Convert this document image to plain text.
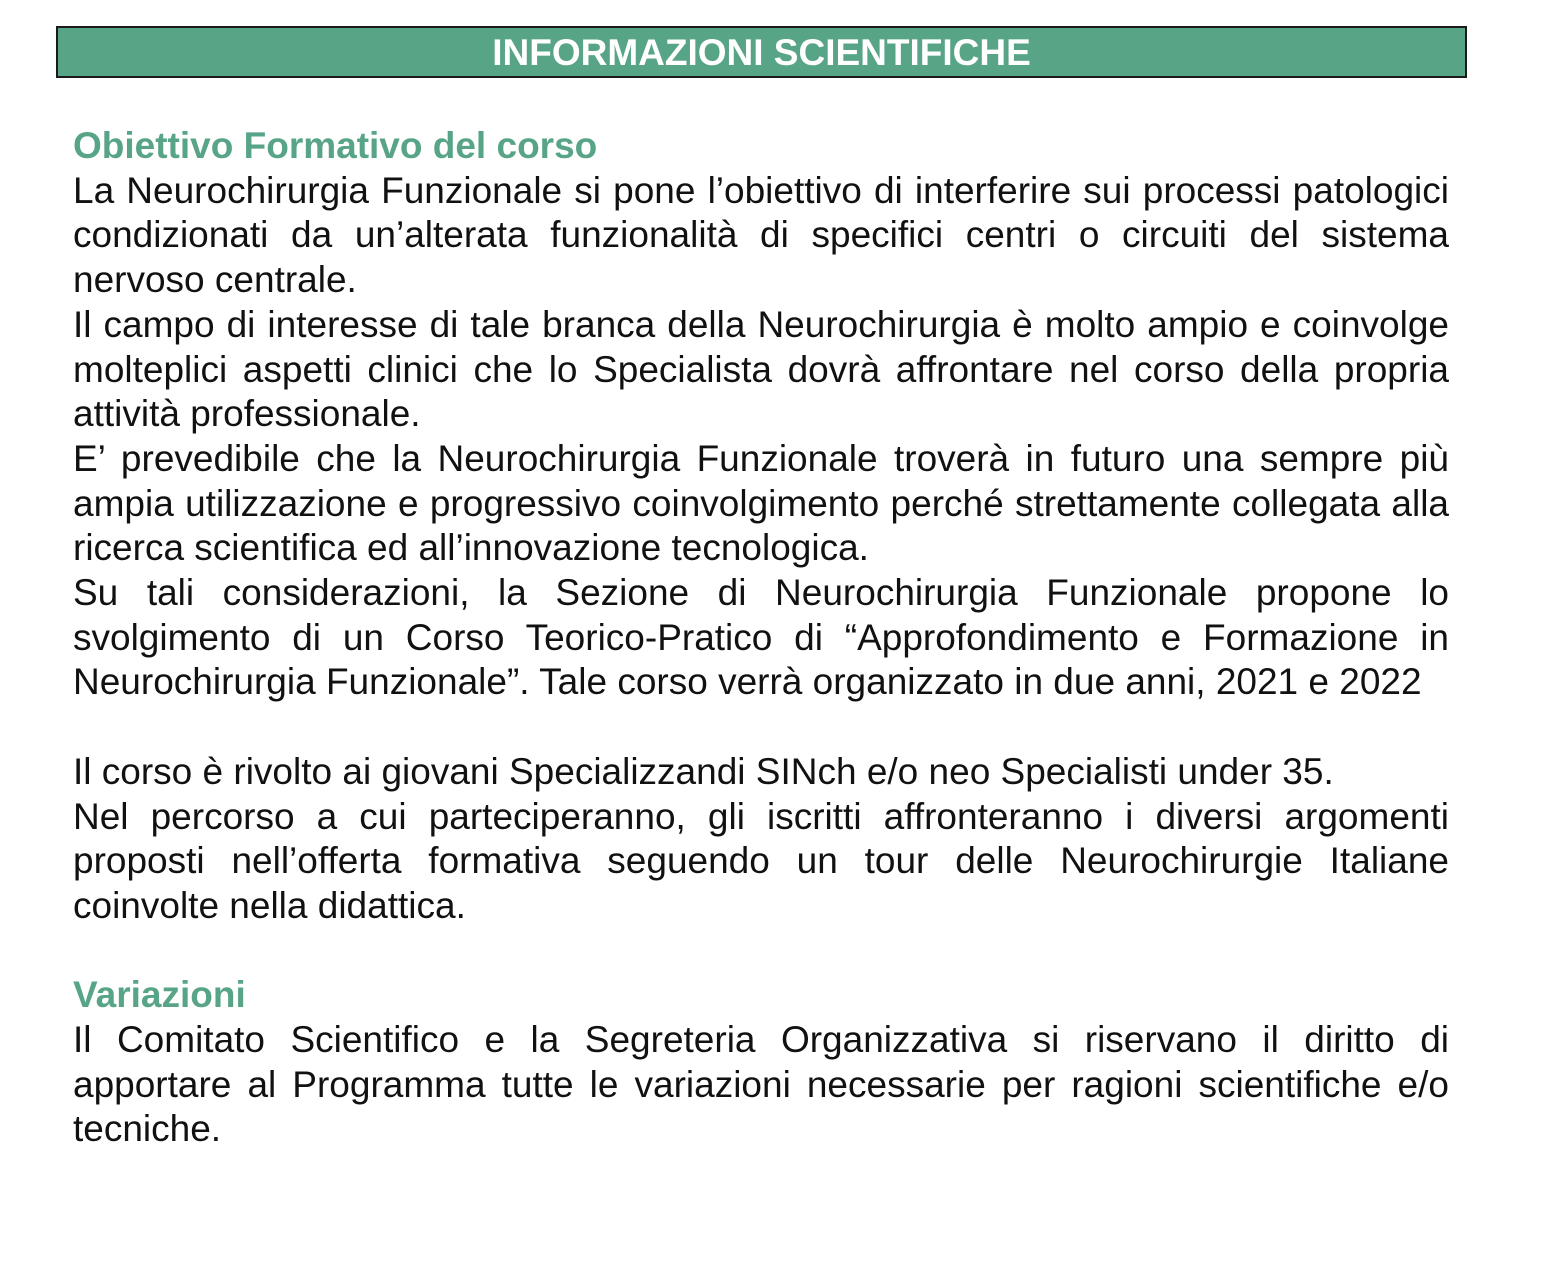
INFORMAZIONI SCIENTIFICHE
Obiettivo Formativo del corso

La Neurochirurgia Funzionale si pone l’obiettivo di interferire sui processi patologici condizionati da un’alterata funzionalità di specifici centri o circuiti del sistema nervoso centrale.

Il campo di interesse di tale branca della Neurochirurgia è molto ampio e coinvolge molteplici aspetti clinici che lo Specialista dovrà affrontare nel corso della propria attività professionale.

E’ prevedibile che la Neurochirurgia Funzionale troverà in futuro una sempre più ampia utilizzazione e progressivo coinvolgimento perché strettamente collegata alla ricerca scientifica ed all’innovazione tecnologica.

Su tali considerazioni, la Sezione di Neurochirurgia Funzionale propone lo svolgimento di un Corso Teorico-Pratico di “Approfondimento e Formazione in Neurochirurgia Funzionale”. Tale corso verrà organizzato in due anni, 2021 e 2022

Il corso è rivolto ai giovani Specializzandi SINch e/o neo Specialisti under 35.

Nel percorso a cui parteciperanno, gli iscritti affronteranno i diversi argomenti proposti nell’offerta formativa seguendo un tour delle Neurochirurgie Italiane coinvolte nella didattica.

Variazioni

Il Comitato Scientifico e la Segreteria Organizzativa si riservano il diritto di apportare al Programma tutte le variazioni necessarie per ragioni scientifiche e/o tecniche.
